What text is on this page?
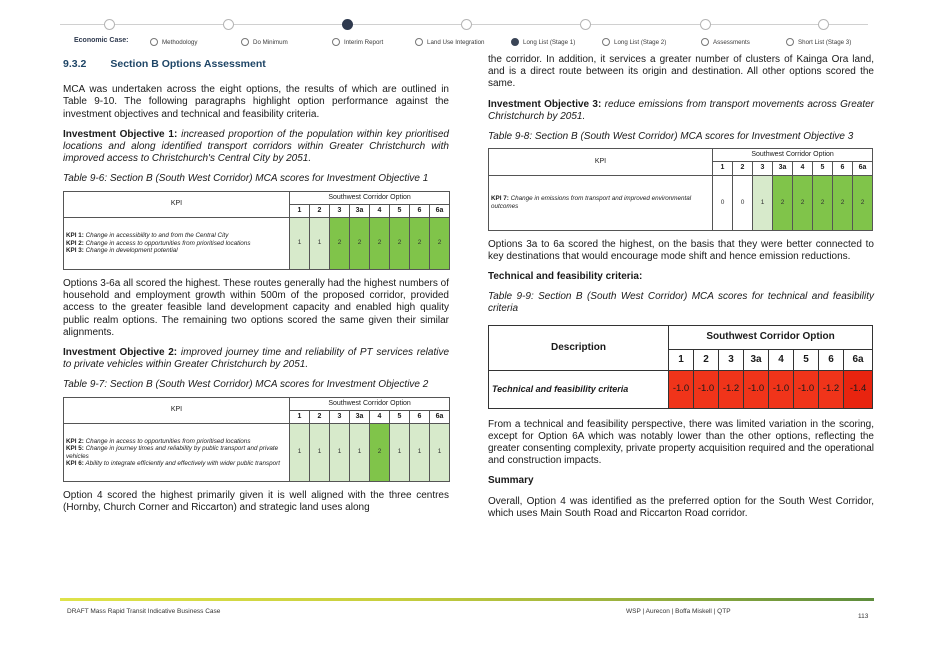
Economic Case:	Methodology	Do Minimum	Interim Report	Land Use Integration	Long List (Stage 1)	Long List (Stage 2)	Assessments	Short List (Stage 3)
9.3.2 Section B Options Assessment

MCA was undertaken across the eight options, the results of which are outlined in Table 9-10. The following paragraphs highlight option performance against the investment objectives and technical and feasibility criteria.

Investment Objective 1: increased proportion of the population within key prioritised locations and along identified transport corridors within Greater Christchurch with improved access to Christchurch's Central City by 2051.

Table 9-6: Section B (South West Corridor) MCA scores for Investment Objective 1
KPI	Southwest Corridor Option							
	1	2	3	3a	4	5	6	6a

KPI 1: Change in accessibility to and from the Central City
KPI 2: Change in access to opportunities from prioritised locations
KPI 3: Change in development potential	1	1	2	2	2	2	2	2

Options 3-6a all scored the highest. These routes generally had the highest numbers of household and employment growth within 500m of the proposed corridor, provided access to the greater feasible land development capacity and enabled high quality public realm options. The remaining two options scored the same given their similar alignments.

Investment Objective 2: improved journey time and reliability of PT services relative to private vehicles within Greater Christchurch by 2051.

Table 9-7: Section B (South West Corridor) MCA scores for Investment Objective 2
KPI	Southwest Corridor Option							
	1	2	3	3a	4	5	6	6a

KPI 2: Change in access to opportunities from prioritised locations
KPI 5: Change in journey times and reliability by public transport and private vehicles
KPI 6: Ability to integrate efficiently and effectively with wider public transport	1	1	1	1	2	1	1	1

Option 4 scored the highest primarily given it is well aligned with the three centres (Hornby, Church Corner and Riccarton) and strategic land uses along

the corridor. In addition, it services a greater number of clusters of Kainga Ora land, and is a direct route between its origin and destination. All other options scored the same.

Investment Objective 3: reduce emissions from transport movements across Greater Christchurch by 2051.

Table 9-8: Section B (South West Corridor) MCA scores for Investment Objective 3
KPI	Southwest Corridor Option							
	1	2	3	3a	4	5	6	6a

KPI 7: Change in emissions from transport and improved environmental outcomes	0	0	1	2	2	2	2	2

Options 3a to 6a scored the highest, on the basis that they were better connected to key destinations that would encourage mode shift and hence emission reductions.

Technical and feasibility criteria:
Table 9-9: Section B (South West Corridor) MCA scores for technical and feasibility criteria
Description	Southwest Corridor Option							
	1	2	3	3a	4	5	6	6a
Technical and feasibility criteria	-1.0	-1.0	-1.2	-1.0	-1.0	-1.0	-1.2	-1.4

From a technical and feasibility perspective, there was limited variation in the scoring, except for Option 6A which was notably lower than the other options, reflecting the greater consenting complexity, private property acquisition required and the operational and construction impacts.

Summary

Overall, Option 4 was identified as the preferred option for the South West Corridor, which uses Main South Road and Riccarton Road corridor.

DRAFT Mass Rapid Transit Indicative Business Case	WSP | Aurecon | Boffa Miskell | QTP
113
